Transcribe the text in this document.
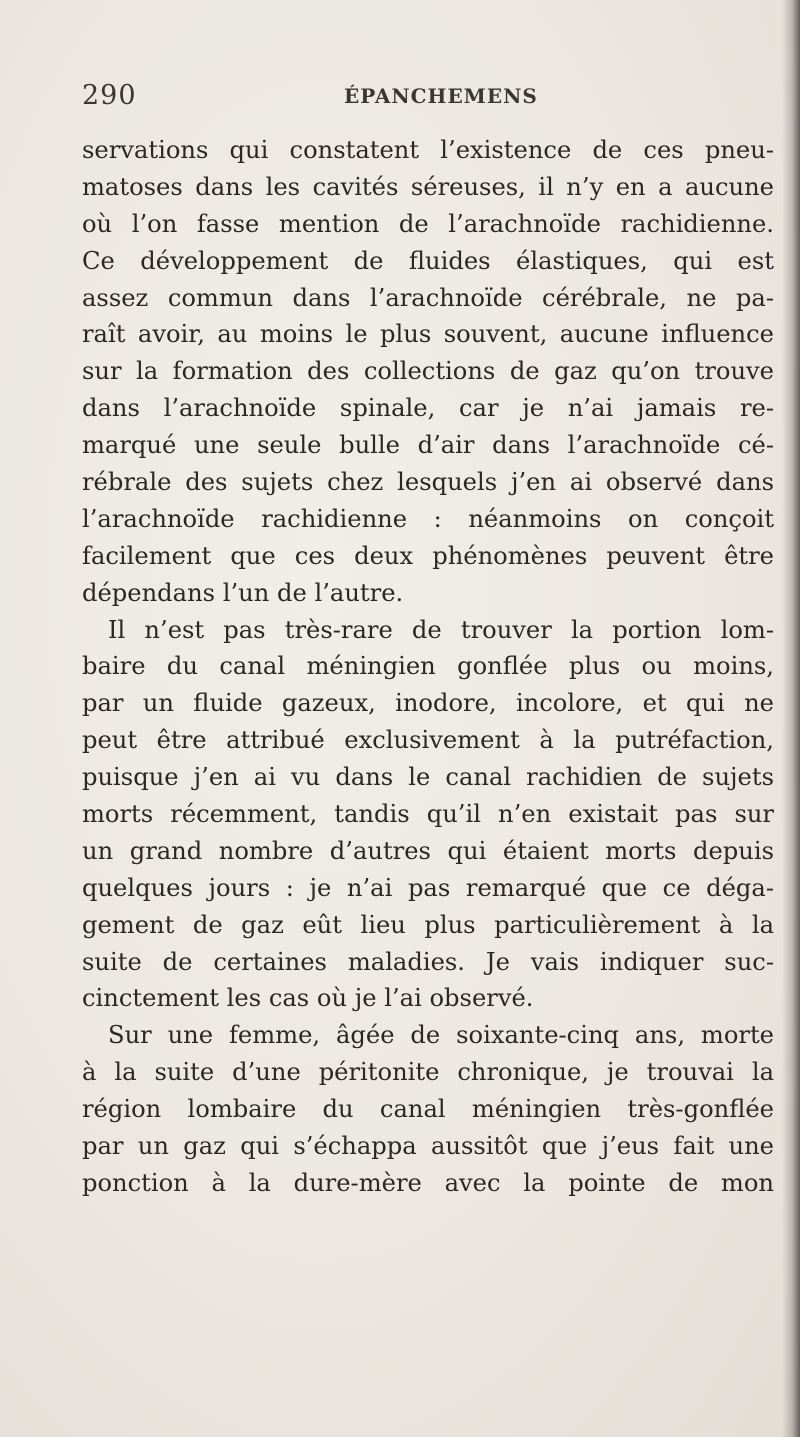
290	ÉPANCHEMENS
servations qui constatent l’existence de ces pneu-
matoses dans les cavités séreuses, il n’y en a aucune
où l’on fasse mention de l’arachnoïde rachidienne.
Ce développement de fluides élastiques, qui est
assez commun dans l’arachnoïde cérébrale, ne pa-
raît avoir, au moins le plus souvent, aucune influence
sur la formation des collections de gaz qu’on trouve
dans l’arachnoïde spinale, car je n’ai jamais re-
marqué une seule bulle d’air dans l’arachnoïde cé-
rébrale des sujets chez lesquels j’en ai observé dans
l’arachnoïde rachidienne : néanmoins on conçoit
facilement que ces deux phénomènes peuvent être
dépendans l’un de l’autre.
Il n’est pas très-rare de trouver la portion lom-
baire du canal méningien gonflée plus ou moins,
par un fluide gazeux, inodore, incolore, et qui ne
peut être attribué exclusivement à la putréfaction,
puisque j’en ai vu dans le canal rachidien de sujets
morts récemment, tandis qu’il n’en existait pas sur
un grand nombre d’autres qui étaient morts depuis
quelques jours : je n’ai pas remarqué que ce déga-
gement de gaz eût lieu plus particulièrement à la
suite de certaines maladies. Je vais indiquer suc-
cinctement les cas où je l’ai observé.
Sur une femme, âgée de soixante-cinq ans, morte
à la suite d’une péritonite chronique, je trouvai la
région lombaire du canal méningien très-gonflée
par un gaz qui s’échappa aussitôt que j’eus fait une
ponction à la dure-mère avec la pointe de mon
